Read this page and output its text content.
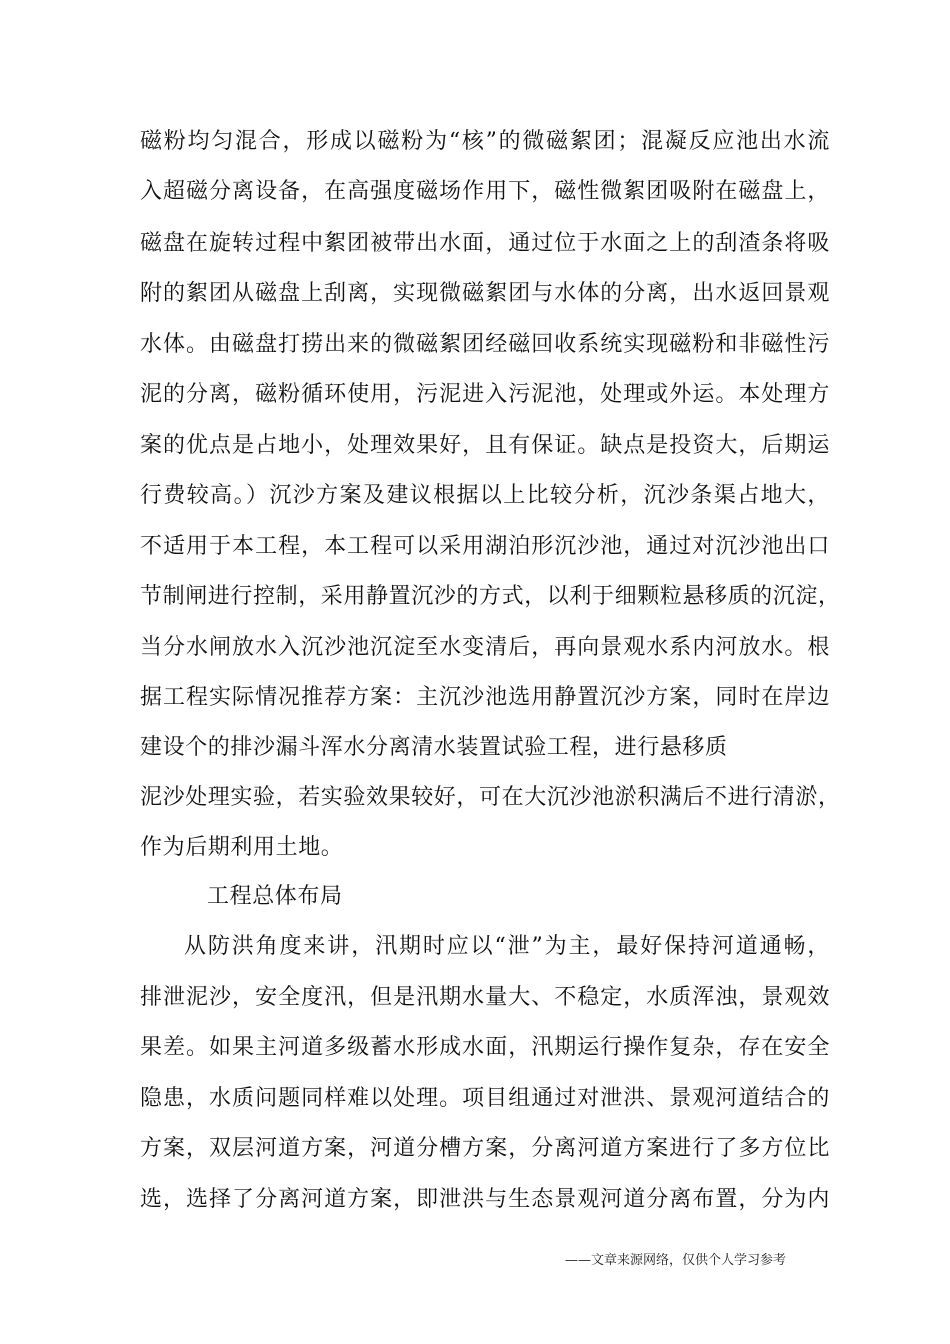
磁粉均匀混合，形成以磁粉为“核”的微磁絮团；混凝反应池出水流
入超磁分离设备，在高强度磁场作用下，磁性微絮团吸附在磁盘上，
磁盘在旋转过程中絮团被带出水面，通过位于水面之上的刮渣条将吸
附的絮团从磁盘上刮离，实现微磁絮团与水体的分离，出水返回景观
水体。由磁盘打捞出来的微磁絮团经磁回收系统实现磁粉和非磁性污
泥的分离，磁粉循环使用，污泥进入污泥池，处理或外运。本处理方
案的优点是占地小，处理效果好，且有保证。缺点是投资大，后期运
行费较高。）沉沙方案及建议根据以上比较分析，沉沙条渠占地大，
不适用于本工程，本工程可以采用湖泊形沉沙池，通过对沉沙池出口
节制闸进行控制，采用静置沉沙的方式，以利于细颗粒悬移质的沉淀，
当分水闸放水入沉沙池沉淀至水变清后，再向景观水系内河放水。根
据工程实际情况推荐方案：主沉沙池选用静置沉沙方案，同时在岸边
建设个的排沙漏斗浑水分离清水装置试验工程，进行悬移质
泥沙处理实验，若实验效果较好，可在大沉沙池淤积满后不进行清淤，
作为后期利用土地。
工程总体布局
从防洪角度来讲，汛期时应以“泄”为主，最好保持河道通畅，
排泄泥沙，安全度汛，但是汛期水量大、不稳定，水质浑浊，景观效
果差。如果主河道多级蓄水形成水面，汛期运行操作复杂，存在安全
隐患，水质问题同样难以处理。项目组通过对泄洪、景观河道结合的
方案，双层河道方案，河道分槽方案，分离河道方案进行了多方位比
选，选择了分离河道方案，即泄洪与生态景观河道分离布置，分为内
——文章来源网络，仅供个人学习参考
